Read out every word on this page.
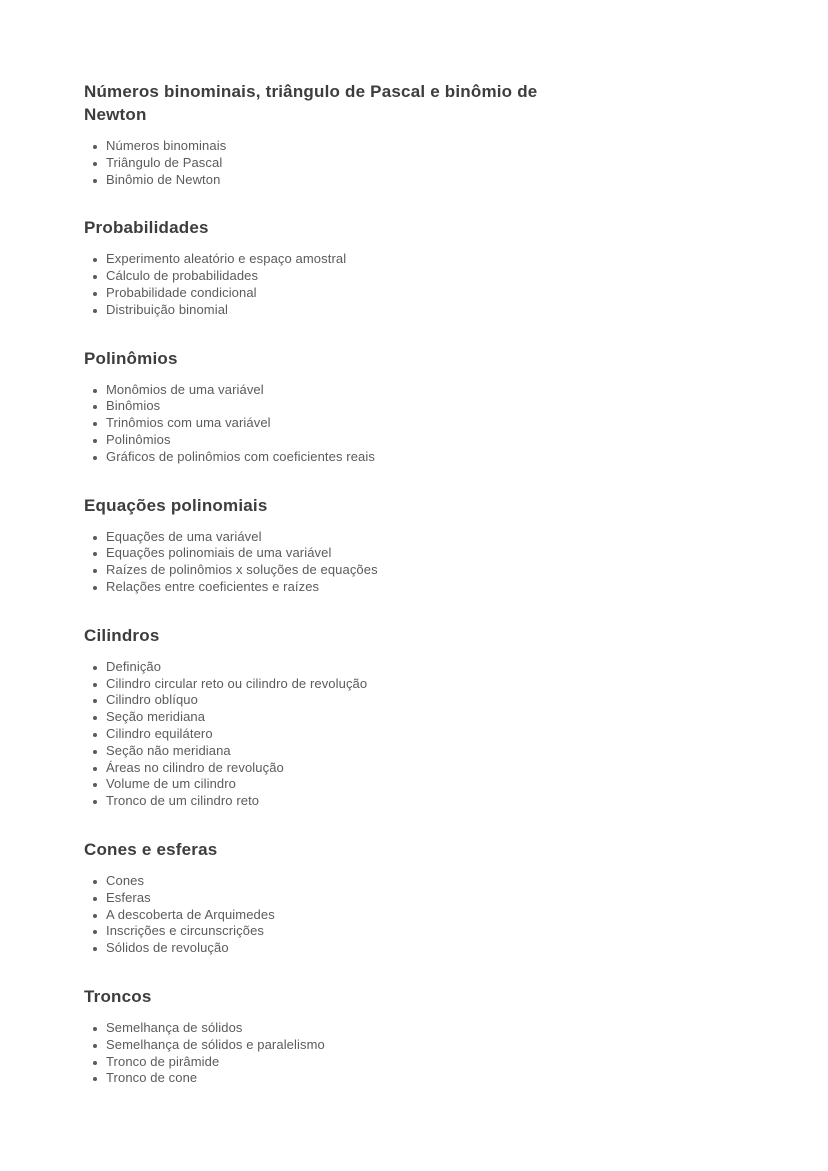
Números binominais, triângulo de Pascal e binômio de Newton
Números binominais
Triângulo de Pascal
Binômio de Newton
Probabilidades
Experimento aleatório e espaço amostral
Cálculo de probabilidades
Probabilidade condicional
Distribuição binomial
Polinômios
Monômios de uma variável
Binômios
Trinômios com uma variável
Polinômios
Gráficos de polinômios com coeficientes reais
Equações polinomiais
Equações de uma variável
Equações polinomiais de uma variável
Raízes de polinômios x soluções de equações
Relações entre coeficientes e raízes
Cilindros
Definição
Cilindro circular reto ou cilindro de revolução
Cilindro oblíquo
Seção meridiana
Cilindro equilátero
Seção não meridiana
Áreas no cilindro de revolução
Volume de um cilindro
Tronco de um cilindro reto
Cones e esferas
Cones
Esferas
A descoberta de Arquimedes
Inscrições e circunscrições
Sólidos de revolução
Troncos
Semelhança de sólidos
Semelhança de sólidos e paralelismo
Tronco de pirâmide
Tronco de cone
